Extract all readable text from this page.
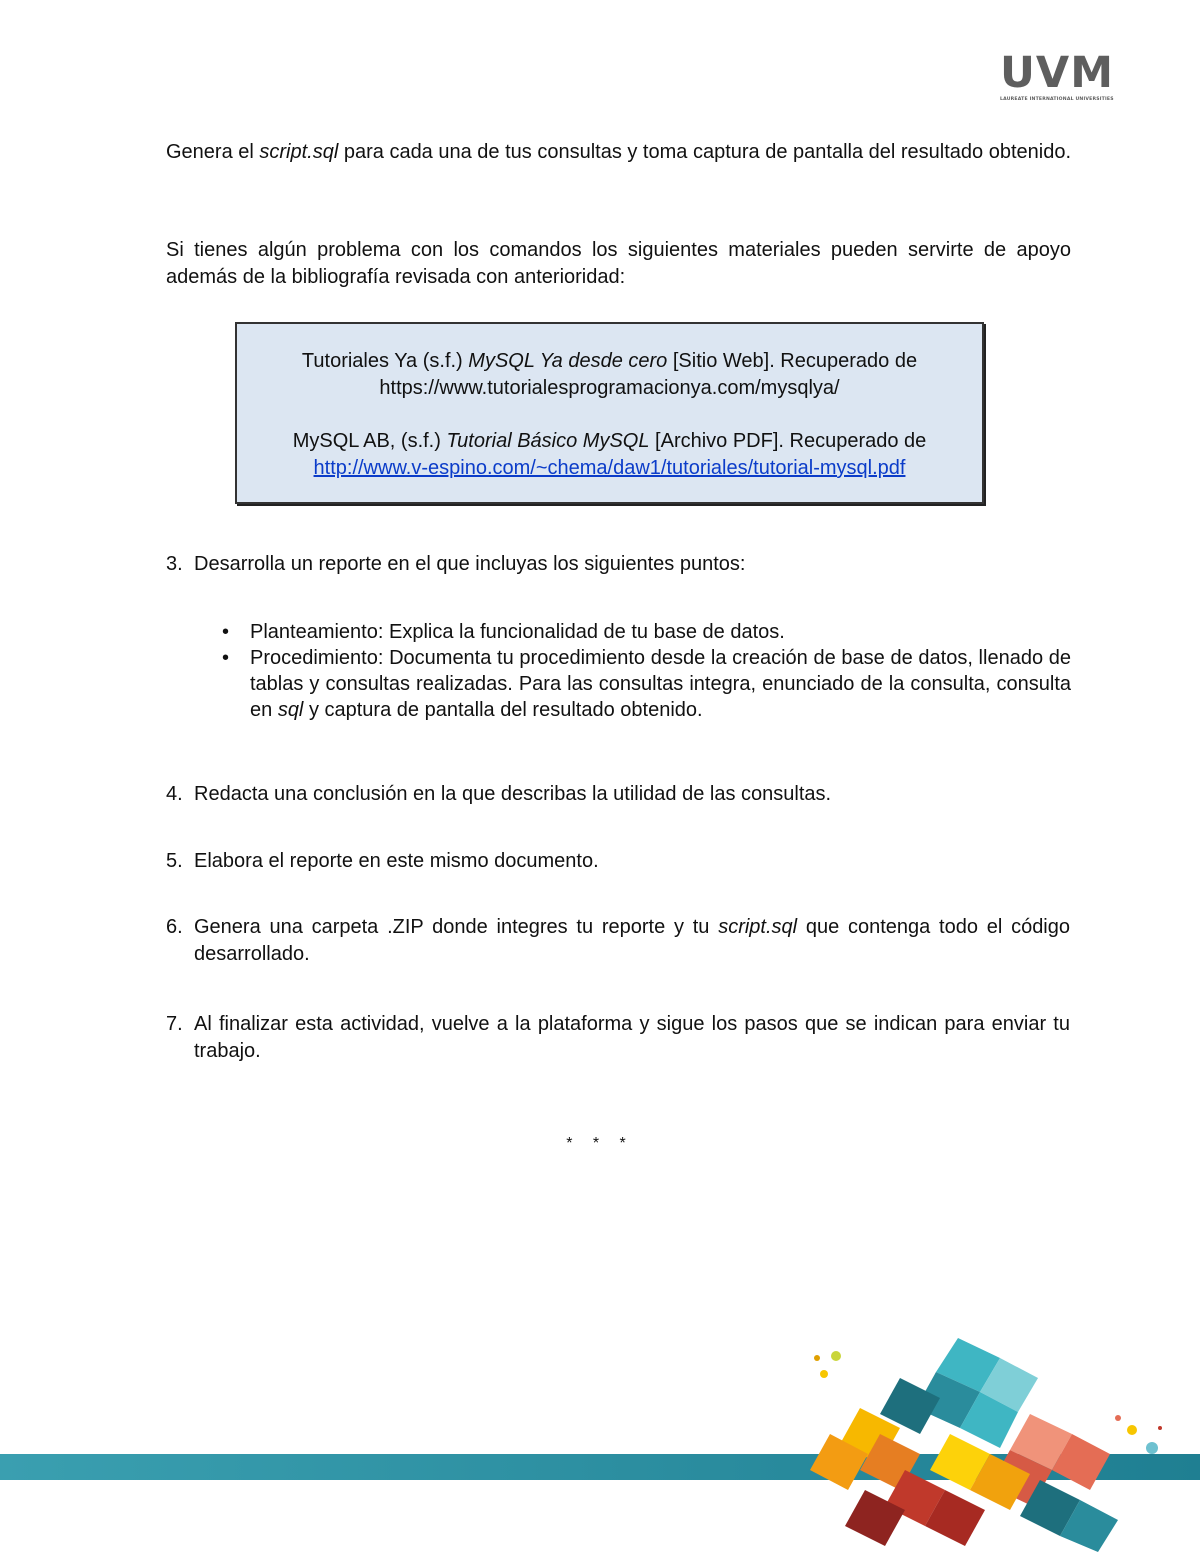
UVM
LAUREATE INTERNATIONAL UNIVERSITIES

Genera el script.sql para cada una de tus consultas y toma captura de pantalla del resultado obtenido.

Si tienes algún problema con los comandos los siguientes materiales pueden servirte de apoyo además de la bibliografía revisada con anterioridad:

Tutoriales Ya (s.f.) MySQL Ya desde cero [Sitio Web]. Recuperado de
https://www.tutorialesprogramacionya.com/mysqlya/

MySQL AB, (s.f.) Tutorial Básico MySQL [Archivo PDF]. Recuperado de
http://www.v-espino.com/~chema/daw1/tutoriales/tutorial-mysql.pdf

3. Desarrolla un reporte en el que incluyas los siguientes puntos:
• Planteamiento: Explica la funcionalidad de tu base de datos.
• Procedimiento: Documenta tu procedimiento desde la creación de base de datos, llenado de tablas y consultas realizadas. Para las consultas integra, enunciado de la consulta, consulta en sql y captura de pantalla del resultado obtenido.
4. Redacta una conclusión en la que describas la utilidad de las consultas.
5. Elabora el reporte en este mismo documento.
6. Genera una carpeta .ZIP donde integres tu reporte y tu script.sql que contenga todo el código desarrollado.
7. Al finalizar esta actividad, vuelve a la plataforma y sigue los pasos que se indican para enviar tu trabajo.
* * *
